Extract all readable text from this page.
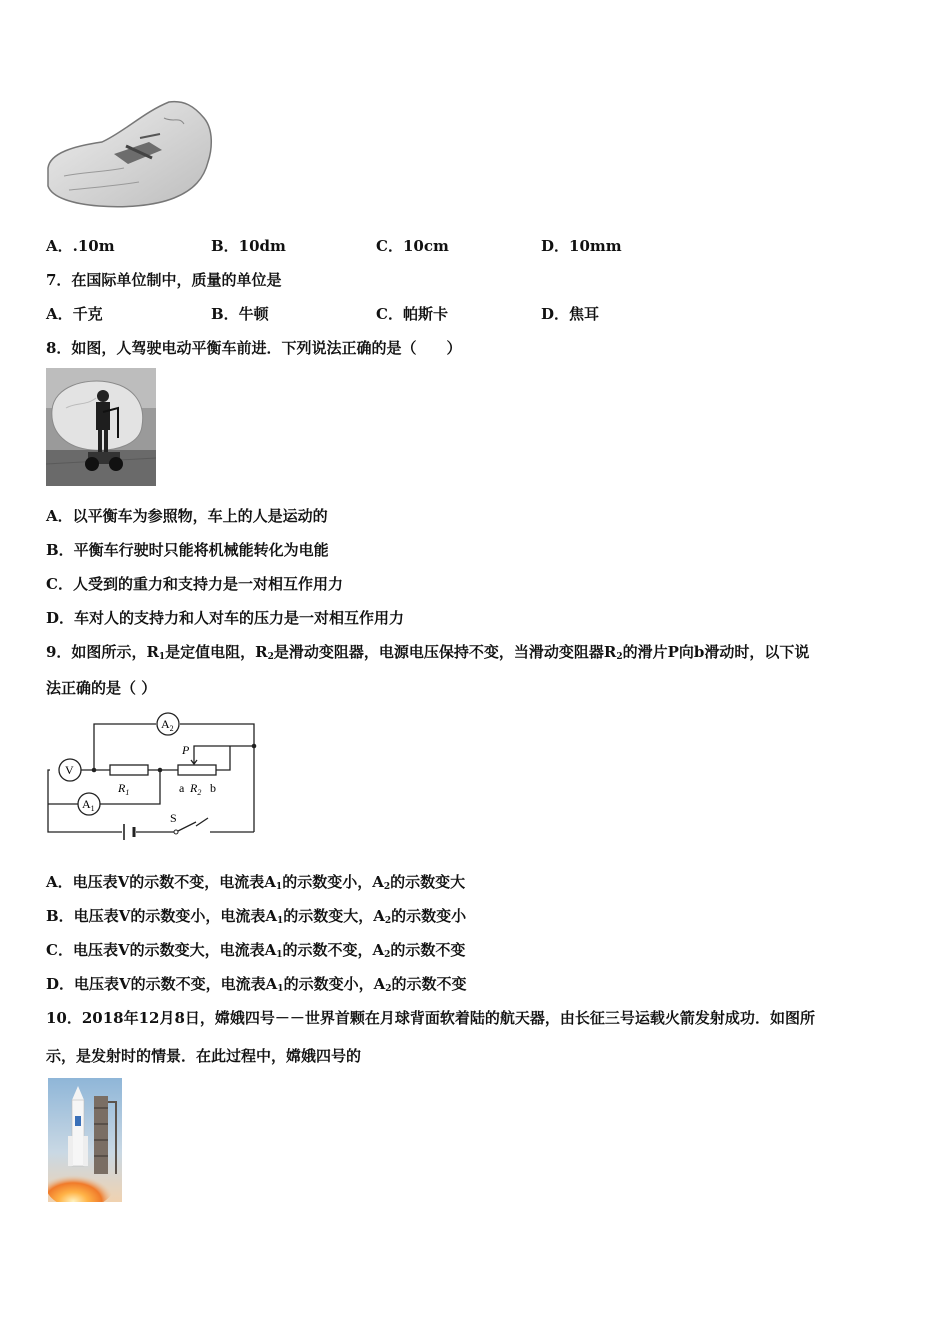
A．.10m	B．10dm	C．10cm	D．10mm
7．在国际单位制中，质量的单位是
A．千克	B．牛顿	C．帕斯卡	D．焦耳
8．如图，人驾驶电动平衡车前进．下列说法正确的是（　　）
A．以平衡车为参照物，车上的人是运动的
B．平衡车行驶时只能将机械能转化为电能
C．人受到的重力和支持力是一对相互作用力
D．车对人的支持力和人对车的压力是一对相互作用力
9．如图所示，$R_1$是定值电阻，$R_2$是滑动变阻器，电源电压保持不变，当滑动变阻器$R_2$的滑片P向b滑动时，以下说
法正确的是（ ）
$A_2$
V
$A_1$
$R_1$
P
a $R_2$ b
S
A．电压表V的示数不变，电流表$A_1$的示数变小，$A_2$的示数变大
B．电压表V的示数变小，电流表$A_1$的示数变大，$A_2$的示数变小
C．电压表V的示数变大，电流表$A_1$的示数不变，$A_2$的示数不变
D．电压表V的示数不变，电流表$A_1$的示数变小，$A_2$的示数不变
10．2018年12月8日，嫦娥四号－－世界首颗在月球背面软着陆的航天器，由长征三号运载火箭发射成功．如图所
示，是发射时的情景．在此过程中，嫦娥四号的
